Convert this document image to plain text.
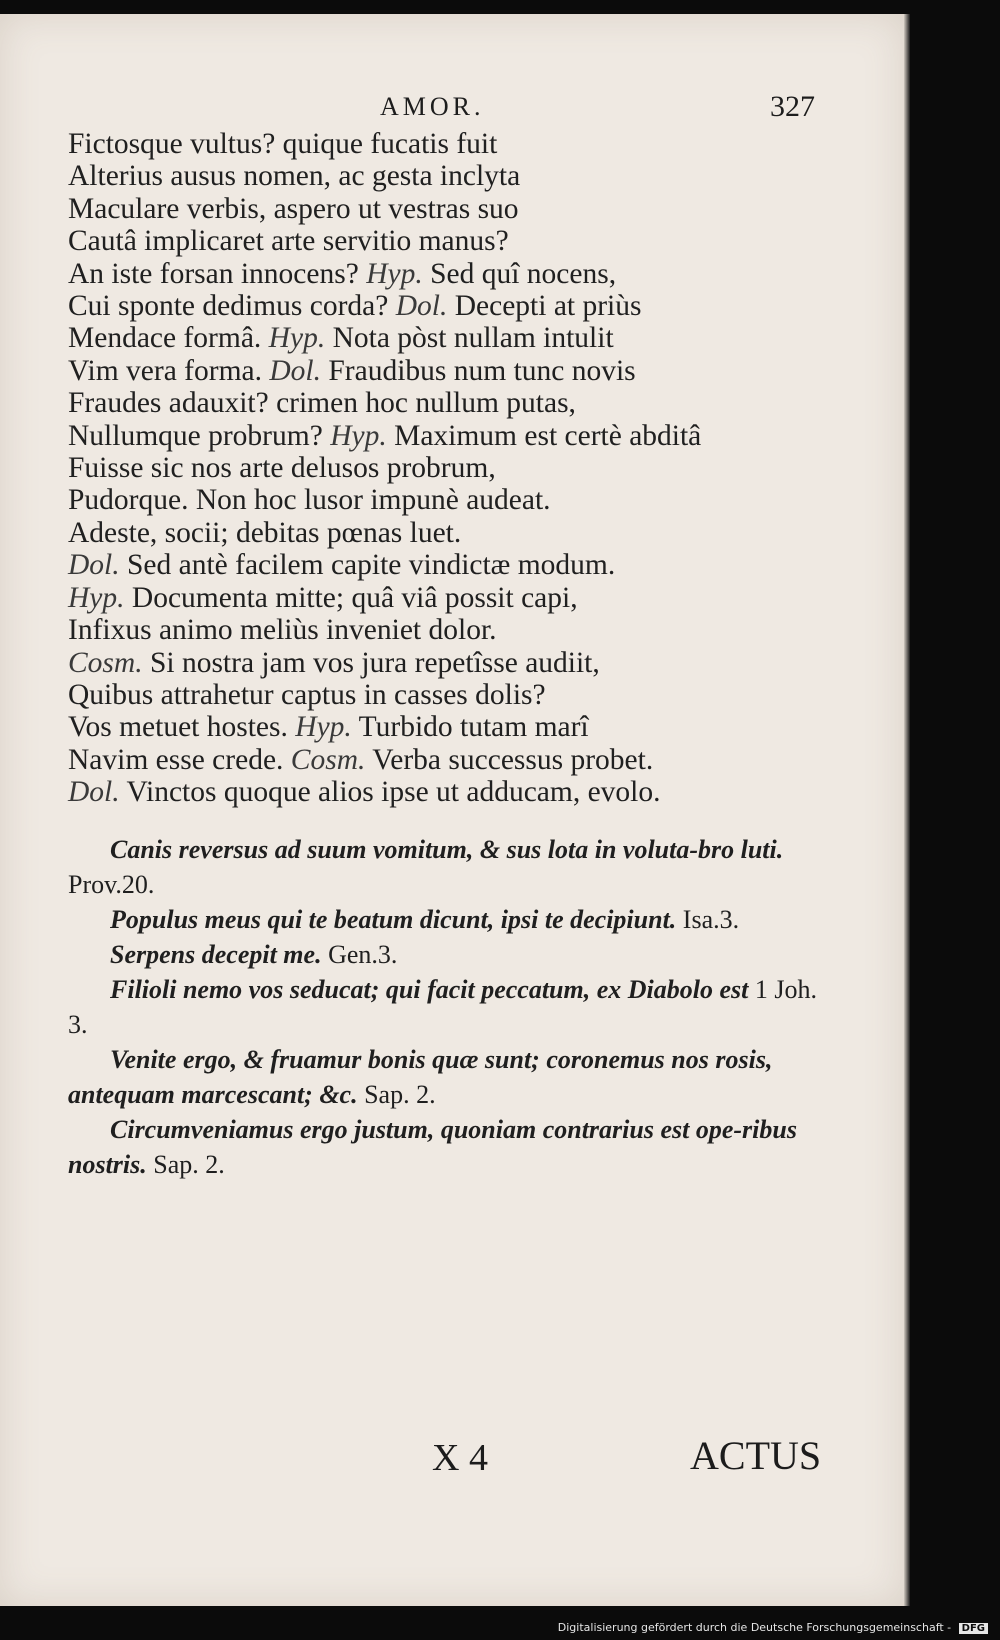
AMOR.	327
Fictosque vultus? quique fucatis fuit
Alterius ausus nomen, ac gesta inclyta
Maculare verbis, aspero ut vestras suo
Cautâ implicaret arte servitio manus?
An iste forsan innocens? Hyp. Sed quî nocens,
Cui sponte dedimus corda? Dol. Decepti at priùs
Mendace formâ. Hyp. Nota pòst nullam intulit
Vim vera forma. Dol. Fraudibus num tunc novis
Fraudes adauxit? crimen hoc nullum putas,
Nullumque probrum? Hyp. Maximum est certè abditâ
Fuisse sic nos arte delusos probrum,
Pudorque. Non hoc lusor impunè audeat.
Adeste, socii; debitas pœnas luet.
Dol. Sed antè facilem capite vindictæ modum.
Hyp. Documenta mitte; quâ viâ possit capi,
Infixus animo meliùs inveniet dolor.
Cosm. Si nostra jam vos jura repetîsse audiit,
Quibus attrahetur captus in casses dolis?
Vos metuet hostes. Hyp. Turbido tutam marî
Navim esse crede. Cosm. Verba successus probet.
Dol. Vinctos quoque alios ipse ut adducam, evolo.
Canis reversus ad suum vomitum, & sus lota in voluta-bro luti. Prov.20.
Populus meus qui te beatum dicunt, ipsi te decipiunt. Isa.3.
Serpens decepit me. Gen.3.
Filioli nemo vos seducat; qui facit peccatum, ex Diabolo est 1 Joh. 3.
Venite ergo, & fruamur bonis quæ sunt; coronemus nos rosis, antequam marcescant; &c. Sap. 2.
Circumveniamus ergo justum, quoniam contrarius est ope-ribus nostris. Sap. 2.
X 4	ACTUS
Digitalisierung gefördert durch die Deutsche Forschungsgemeinschaft - DFG
